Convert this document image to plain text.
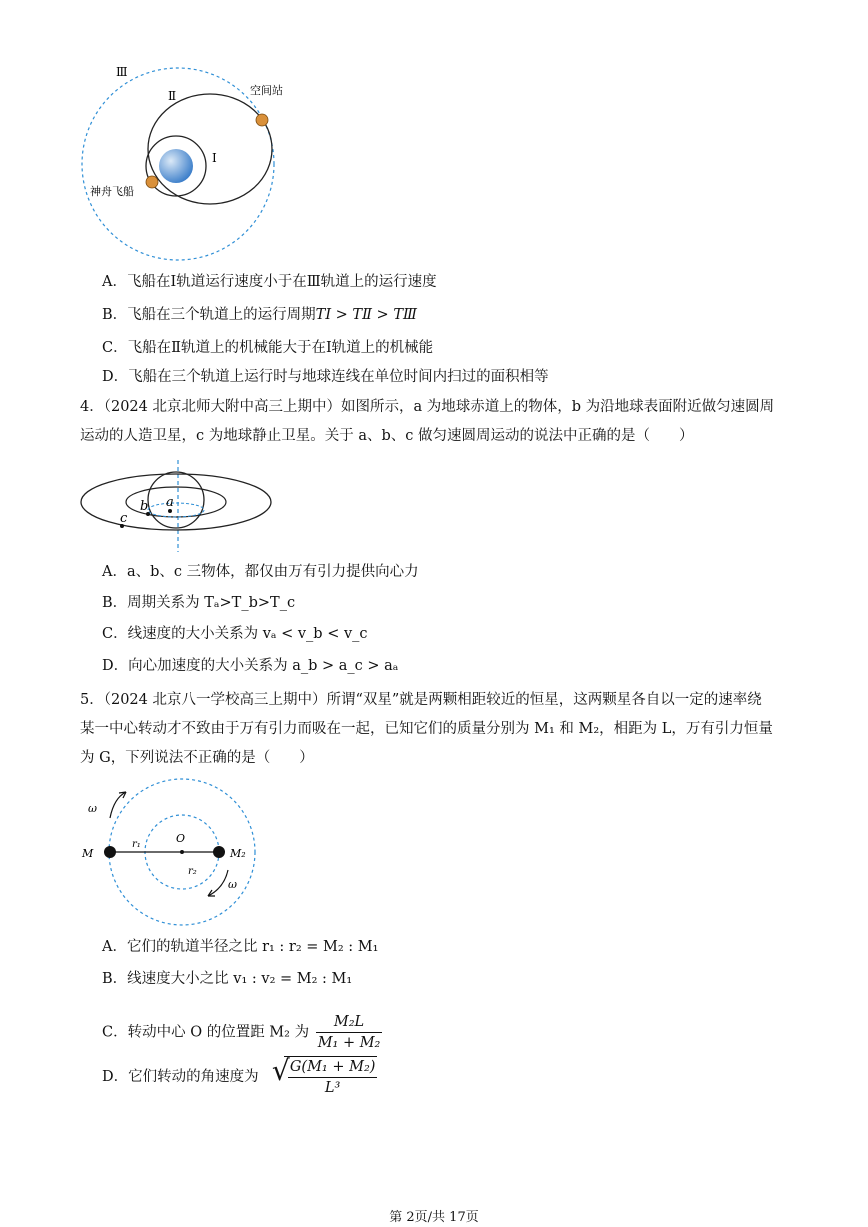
Ⅲ
Ⅱ
Ⅰ
空间站
神舟飞船
A．飞船在Ⅰ轨道运行速度小于在Ⅲ轨道上的运行速度
B．飞船在三个轨道上的运行周期TⅠ > TⅡ > TⅢ
C．飞船在Ⅱ轨道上的机械能大于在Ⅰ轨道上的机械能
D．飞船在三个轨道上运行时与地球连线在单位时间内扫过的面积相等
4．（2024 北京北师大附中高三上期中）如图所示，a 为地球赤道上的物体，b 为沿地球表面附近做匀速圆周
运动的人造卫星，c 为地球静止卫星。关于 a、b、c 做匀速圆周运动的说法中正确的是（　　）
a
b
c
A．a、b、c 三物体，都仅由万有引力提供向心力
B．周期关系为 Tₐ>T_b>T_c
C．线速度的大小关系为 vₐ < v_b < v_c
D．向心加速度的大小关系为 a_b > a_c > aₐ
5．（2024 北京八一学校高三上期中）所谓“双星”就是两颗相距较近的恒星，这两颗星各自以一定的速率绕
某一中心转动才不致由于万有引力而吸在一起，已知它们的质量分别为 M₁ 和 M₂，相距为 L，万有引力恒量
为 G，下列说法不正确的是（　　）
ω
ω
M	M₂
O
r₁
r₂
A．它们的轨道半径之比 r₁ : r₂ = M₂ : M₁
B．线速度大小之比 v₁ : v₂ = M₂ : M₁
C．转动中心 O 的位置距 M₂ 为 $\frac{\text{M₂L}}{\text{M₁ + M₂}}$
D．它们转动的角速度为
√ $\frac{\text{G(M₁ + M₂)}}{\text{L³}}$
第 2页/共 17页
